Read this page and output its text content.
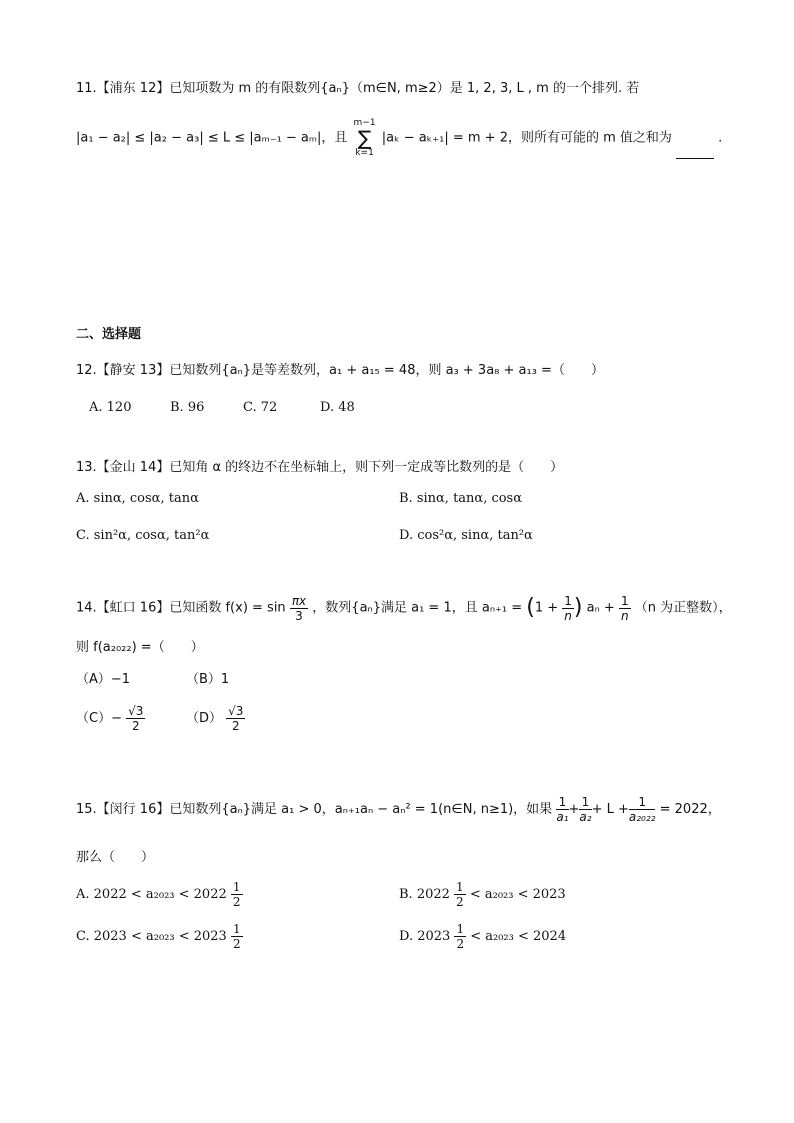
11.【浦东 12】已知项数为 m 的有限数列{aₙ}（m∈N, m≥2）是 1, 2, 3, L , m 的一个排列. 若
|a₁ − a₂| ≤ |a₂ − a₃| ≤ L ≤ |aₘ₋₁ − aₘ|，且
m−1
∑
k=1
|aₖ − aₖ₊₁| = m + 2，则所有可能的 m 值之和为	.
二、选择题
12.【静安 13】已知数列{aₙ}是等差数列，a₁ + a₁₅ = 48，则 a₃ + 3a₈ + a₁₃ =（　　）
A. 120	B. 96	C. 72	D. 48
13.【金山 14】已知角 α 的终边不在坐标轴上，则下列一定成等比数列的是（　　）
A. sinα, cosα, tanα	B. sinα, tanα, cosα
C. sin²α, cosα, tan²α	D. cos²α, sinα, tan²α
14.【虹口 16】已知函数 $f(x) = \sin \frac{\pi x}{3}$ ，数列{aₙ}满足 a₁ = 1，且 $a_{n+1} = (1 + \frac{1}{n}$ ) $a_n + \frac{1}{n} (n$ 为正整数），
则 f(a₂₀₂₂) =（　　）
（A）−1	（B）1
$(C)- \frac{√3}{2}$	$(D) \frac{√3}{2}$
15.【闵行 16】已知数列{aₙ}满足 a₁ > 0，aₙ₊₁aₙ − aₙ² = 1(n∈N, n≥1)，如果 $\frac{1}{\text{a₁}} + \frac{1}{\text{a₂}} + L + \frac{1}{\text{a₂₀₂₂}} = 2022$，
那么（　　）
A. $2022 < a_{2023} < 2022 \frac{1}{2}$	B. $2022 \frac{1}{2} < a_{2023} < 2023$
C. $2023 < a_{2023} < 2023 \frac{1}{2}$	D. $2023 \frac{1}{2} < a_{2023} < 2024$
